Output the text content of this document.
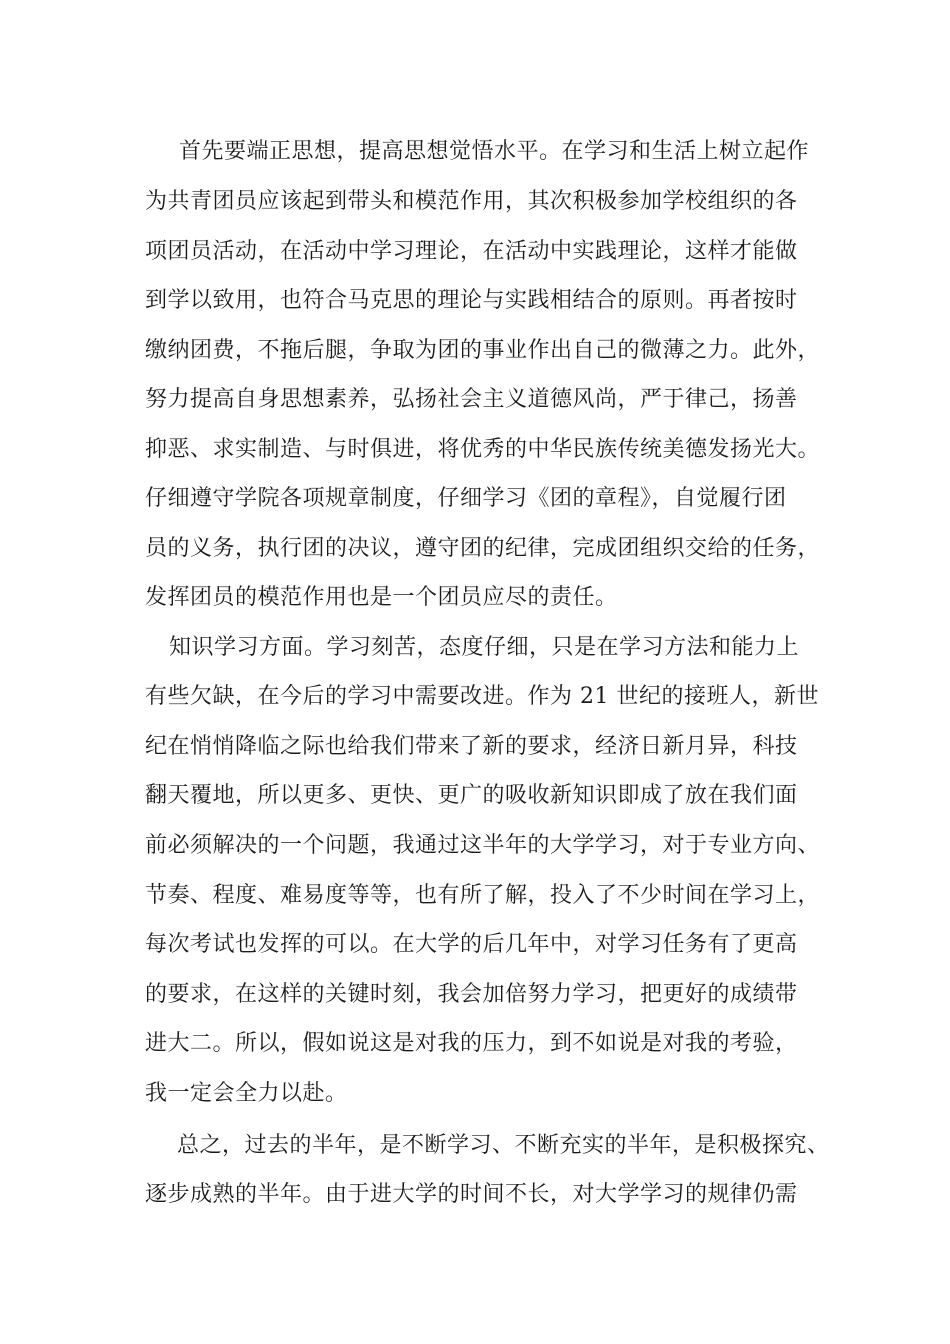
首先要端正思想，提高思想觉悟水平。在学习和生活上树立起作
为共青团员应该起到带头和模范作用，其次积极参加学校组织的各
项团员活动，在活动中学习理论，在活动中实践理论，这样才能做
到学以致用，也符合马克思的理论与实践相结合的原则。再者按时
缴纳团费，不拖后腿，争取为团的事业作出自己的微薄之力。此外，
努力提高自身思想素养，弘扬社会主义道德风尚，严于律己，扬善
抑恶、求实制造、与时俱进，将优秀的中华民族传统美德发扬光大。
仔细遵守学院各项规章制度，仔细学习《团的章程》，自觉履行团
员的义务，执行团的决议，遵守团的纪律，完成团组织交给的任务，
发挥团员的模范作用也是一个团员应尽的责任。
知识学习方面。学习刻苦，态度仔细，只是在学习方法和能力上
有些欠缺，在今后的学习中需要改进。作为 21 世纪的接班人，新世
纪在悄悄降临之际也给我们带来了新的要求，经济日新月异，科技
翻天覆地，所以更多、更快、更广的吸收新知识即成了放在我们面
前必须解决的一个问题，我通过这半年的大学学习，对于专业方向、
节奏、程度、难易度等等，也有所了解，投入了不少时间在学习上，
每次考试也发挥的可以。在大学的后几年中，对学习任务有了更高
的要求，在这样的关键时刻，我会加倍努力学习，把更好的成绩带
进大二。所以，假如说这是对我的压力，到不如说是对我的考验，
我一定会全力以赴。
总之，过去的半年，是不断学习、不断充实的半年，是积极探究、
逐步成熟的半年。由于进大学的时间不长，对大学学习的规律仍需
